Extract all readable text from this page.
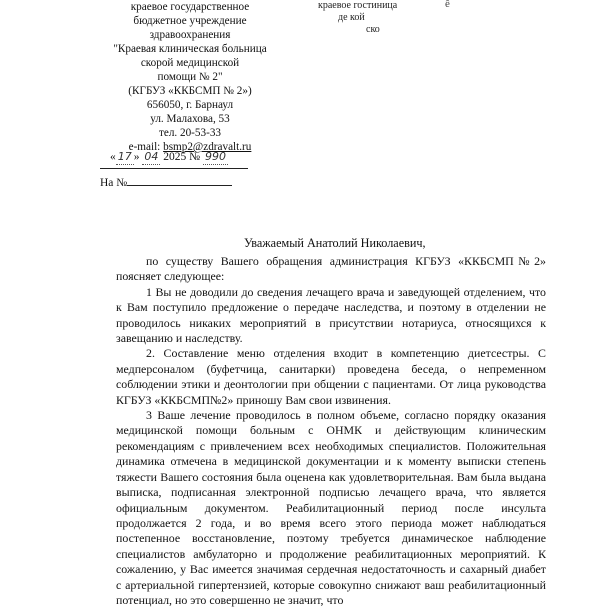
краевое государственное
бюджетное учреждение
здравоохранения
"Краевая клиническая больница
скорой медицинской
помощи № 2"
(КГБУЗ «ККБСМП № 2»)
656050, г. Барнаул
ул. Малахова, 53
тел. 20-53-33
e-mail: bsmp2@zdravalt.ru
краевое гостиница
де кой
ско
ê
« 17 » 04 2025 № 990
На №
Уважаемый Анатолий Николаевич,

по существу Вашего обращения администрация КГБУЗ «ККБСМП№2» поясняет следующее:

1 Вы не доводили до сведения лечащего врача и заведующей отделением, что к Вам поступило предложение о передаче наследства, и поэтому в отделении не проводилось никаких мероприятий в присутствии нотариуса, относящихся к завещанию и наследству.

2. Составление меню отделения входит в компетенцию диетсестры. С медперсоналом (буфетчица, санитарки) проведена беседа, о непременном соблюдении этики и деонтологии при общении с пациентами. От лица руководства КГБУЗ «ККБСМП№2» приношу Вам свои извинения.

3 Ваше лечение проводилось в полном объеме, согласно порядку оказания медицинской помощи больным с ОНМК и действующим клиническим рекомендациям с привлечением всех необходимых специалистов. Положительная динамика отмечена в медицинской документации и к моменту выписки степень тяжести Вашего состояния была оценена как удовлетворительная. Вам была выдана выписка, подписанная электронной подписью лечащего врача, что является официальным документом. Реабилитационный период после инсульта продолжается 2 года, и во время всего этого периода может наблюдаться постепенное восстановление, поэтому требуется динамическое наблюдение специалистов амбулаторно и продолжение реабилитационных мероприятий. К сожалению, у Вас имеется значимая сердечная недостаточность и сахарный диабет с артериальной гипертензией, которые совокупно снижают ваш реабилитационный потенциал, но это совершенно не значит, что
